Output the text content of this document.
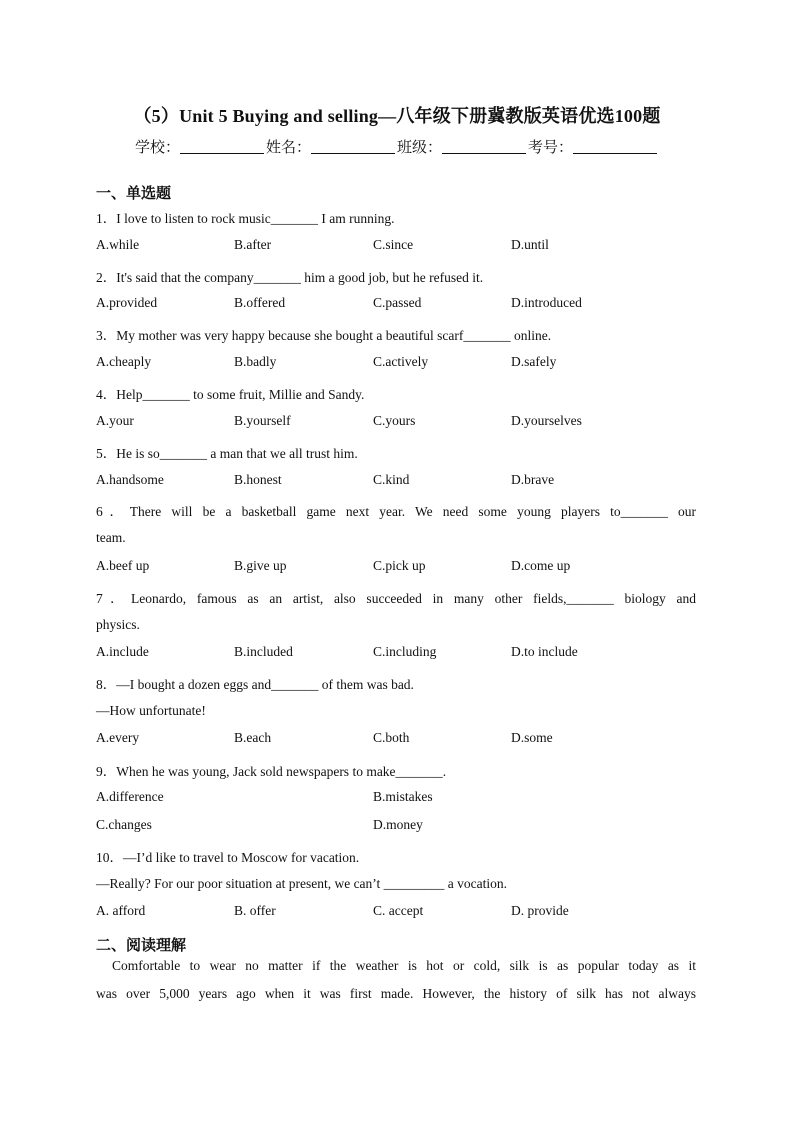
（5）Unit 5 Buying and selling—八年级下册冀教版英语优选100题
学校：	姓名：	班级：	考号：
一、单选题
1．I love to listen to rock music_______ I am running.
A.while	B.after	C.since	D.until
2．It's said that the company_______ him a good job, but he refused it.
A.provided	B.offered	C.passed	D.introduced
3．My mother was very happy because she bought a beautiful scarf_______ online.
A.cheaply	B.badly	C.actively	D.safely
4．Help_______ to some fruit, Millie and Sandy.
A.your	B.yourself	C.yours	D.yourselves
5．He is so_______ a man that we all trust him.
A.handsome	B.honest	C.kind	D.brave
6．There will be a basketball game next year. We need some young players to_______ our
team.
A.beef up	B.give up	C.pick up	D.come up
7．Leonardo, famous as an artist, also succeeded in many other fields,_______ biology and
physics.
A.include	B.included	C.including	D.to include
8．—I bought a dozen eggs and_______ of them was bad.
—How unfortunate!
A.every	B.each	C.both	D.some
9．When he was young, Jack sold newspapers to make_______.
A.difference	B.mistakes
C.changes	D.money
10．—I’d like to travel to Moscow for vacation.
—Really? For our poor situation at present, we can’t _________ a vocation.
A. afford	B. offer	C. accept	D. provide
二、阅读理解
Comfortable to wear no matter if the weather is hot or cold, silk is as popular today as it
was over 5,000 years ago when it was first made. However, the history of silk has not always
